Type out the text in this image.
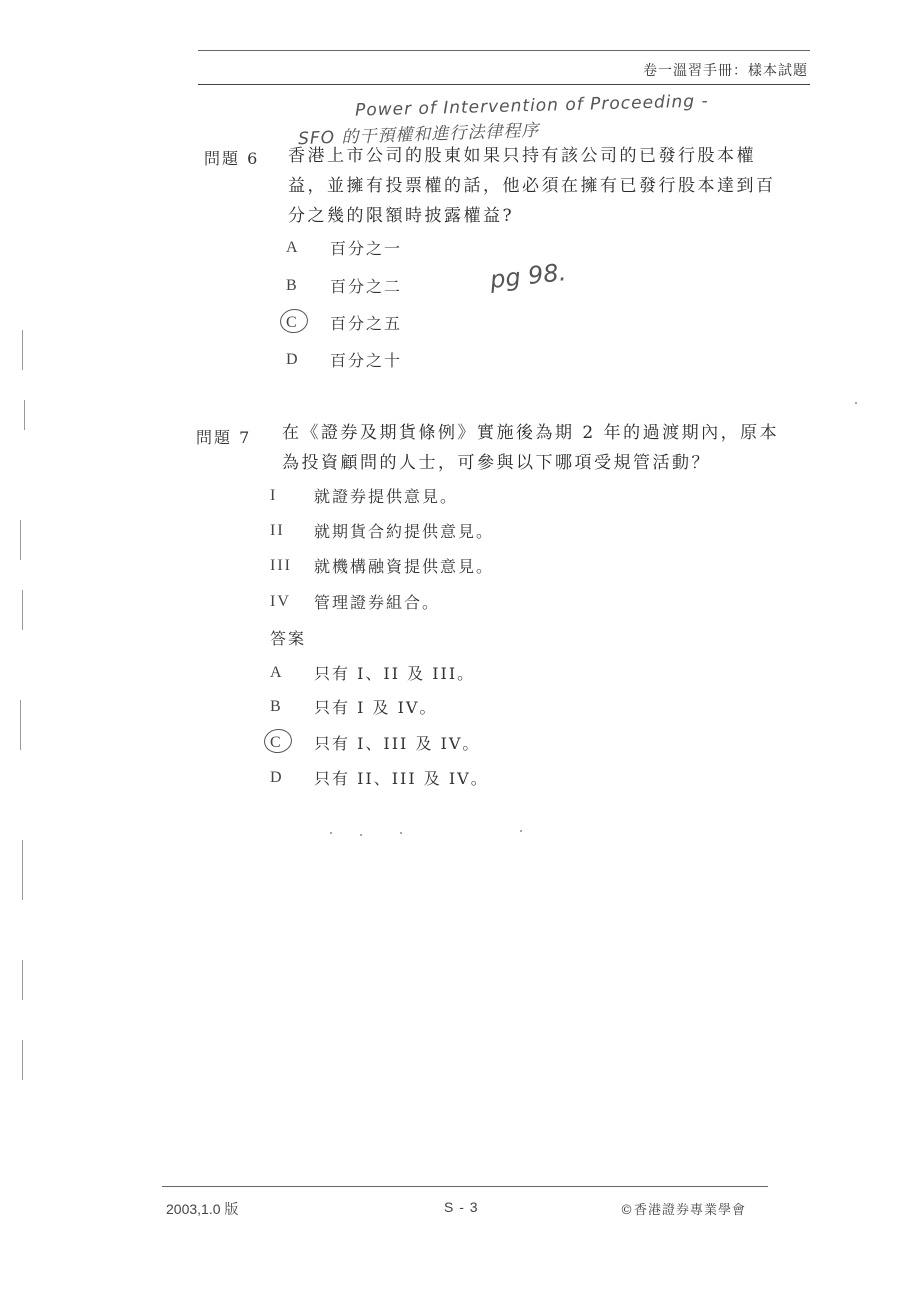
卷一溫習手冊：樣本試題
Power of Intervention of Proceeding -
SFO 的干預權和進行法律程序
pg 98.
問題 6 香港上市公司的股東如果只持有該公司的已發行股本權
益，並擁有投票權的話，他必須在擁有已發行股本達到百
分之幾的限額時披露權益?
A	百分之一
B	百分之二
C	百分之五
D	百分之十
問題 7 在《證券及期貨條例》實施後為期 2 年的過渡期內，原本
為投資顧問的人士，可參與以下哪項受規管活動？
I	就證券提供意見。
II	就期貨合約提供意見。
III	就機構融資提供意見。
IV	管理證券組合。
答案
A	只有 I、II 及 III。
B	只有 I 及 IV。
C	只有 I、III 及 IV。
D	只有 II、III 及 IV。
2003,1.0 版	S - 3	©香港證券專業學會
